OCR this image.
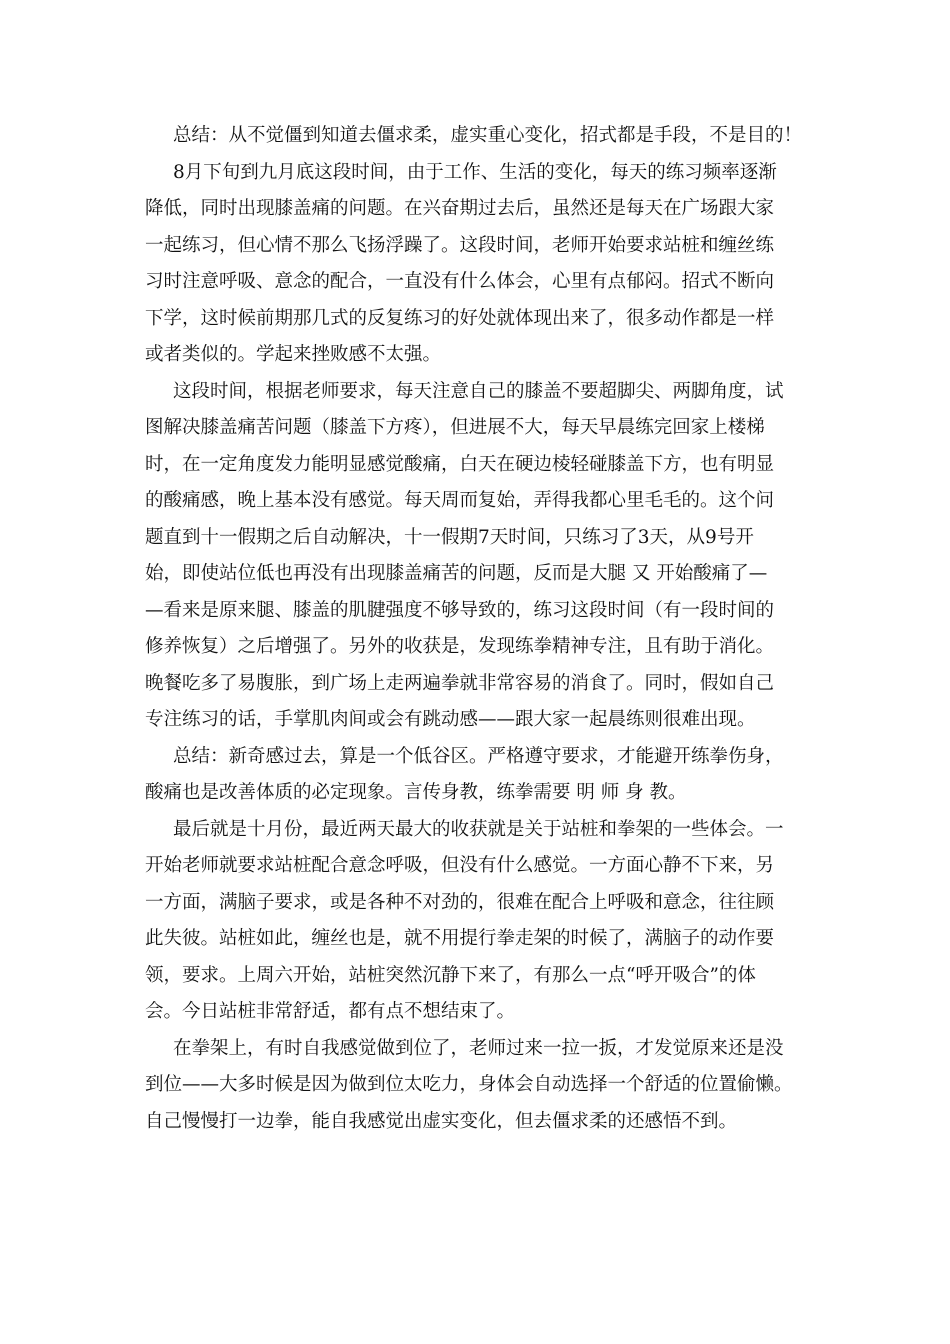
总结：从不觉僵到知道去僵求柔，虚实重心变化，招式都是手段，不是目的！
8月下旬到九月底这段时间，由于工作、生活的变化，每天的练习频率逐渐
降低，同时出现膝盖痛的问题。在兴奋期过去后，虽然还是每天在广场跟大家
一起练习，但心情不那么飞扬浮躁了。这段时间，老师开始要求站桩和缠丝练
习时注意呼吸、意念的配合，一直没有什么体会，心里有点郁闷。招式不断向
下学，这时候前期那几式的反复练习的好处就体现出来了，很多动作都是一样
或者类似的。学起来挫败感不太强。
这段时间，根据老师要求，每天注意自己的膝盖不要超脚尖、两脚角度，试
图解决膝盖痛苦问题（膝盖下方疼），但进展不大，每天早晨练完回家上楼梯
时，在一定角度发力能明显感觉酸痛，白天在硬边棱轻碰膝盖下方，也有明显
的酸痛感，晚上基本没有感觉。每天周而复始，弄得我都心里毛毛的。这个问
题直到十一假期之后自动解决，十一假期7天时间，只练习了3天，从9号开
始，即使站位低也再没有出现膝盖痛苦的问题，反而是大腿 又 开始酸痛了—
—看来是原来腿、膝盖的肌腱强度不够导致的，练习这段时间（有一段时间的
修养恢复）之后增强了。另外的收获是，发现练拳精神专注，且有助于消化。
晚餐吃多了易腹胀，到广场上走两遍拳就非常容易的消食了。同时，假如自己
专注练习的话，手掌肌肉间或会有跳动感——跟大家一起晨练则很难出现。
总结：新奇感过去，算是一个低谷区。严格遵守要求，才能避开练拳伤身，
酸痛也是改善体质的必定现象。言传身教，练拳需要 明 师 身 教。
最后就是十月份，最近两天最大的收获就是关于站桩和拳架的一些体会。一
开始老师就要求站桩配合意念呼吸，但没有什么感觉。一方面心静不下来，另
一方面，满脑子要求，或是各种不对劲的，很难在配合上呼吸和意念，往往顾
此失彼。站桩如此，缠丝也是，就不用提行拳走架的时候了，满脑子的动作要
领，要求。上周六开始，站桩突然沉静下来了，有那么一点“呼开吸合”的体
会。今日站桩非常舒适，都有点不想结束了。
在拳架上，有时自我感觉做到位了，老师过来一拉一扳，才发觉原来还是没
到位——大多时候是因为做到位太吃力，身体会自动选择一个舒适的位置偷懒。
自己慢慢打一边拳，能自我感觉出虚实变化，但去僵求柔的还感悟不到。
